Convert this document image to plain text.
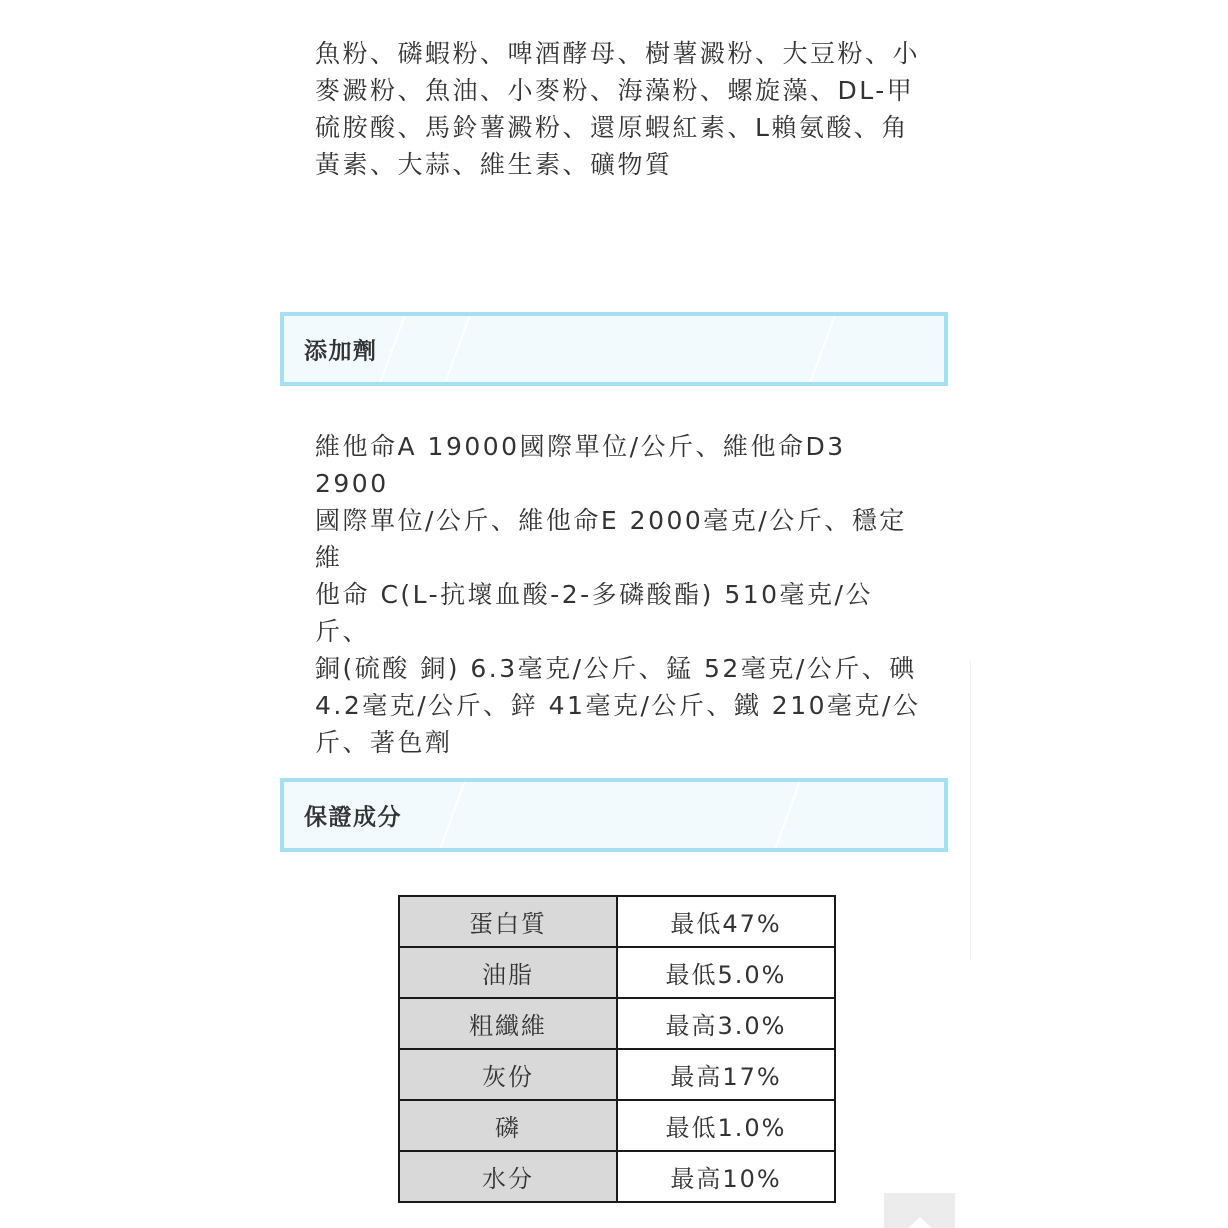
魚粉、磷蝦粉、啤酒酵母、樹薯澱粉、大豆粉、小
麥澱粉、魚油、小麥粉、海藻粉、螺旋藻、DL-甲
硫胺酸、馬鈴薯澱粉、還原蝦紅素、L賴氨酸、角
黃素、大蒜、維生素、礦物質

添加劑

維他命A 19000國際單位/公斤、維他命D3 2900
國際單位/公斤、維他命E 2000毫克/公斤、穩定維
他命 C(L-抗壞血酸-2-多磷酸酯) 510毫克/公斤、
銅(硫酸 銅) 6.3毫克/公斤、錳 52毫克/公斤、碘
4.2毫克/公斤、鋅 41毫克/公斤、鐵 210毫克/公
斤、著色劑

保證成分
蛋白質	最低47%
油脂	最低5.0%
粗纖維	最高3.0%
灰份	最高17%
磷	最低1.0%
水分	最高10%
